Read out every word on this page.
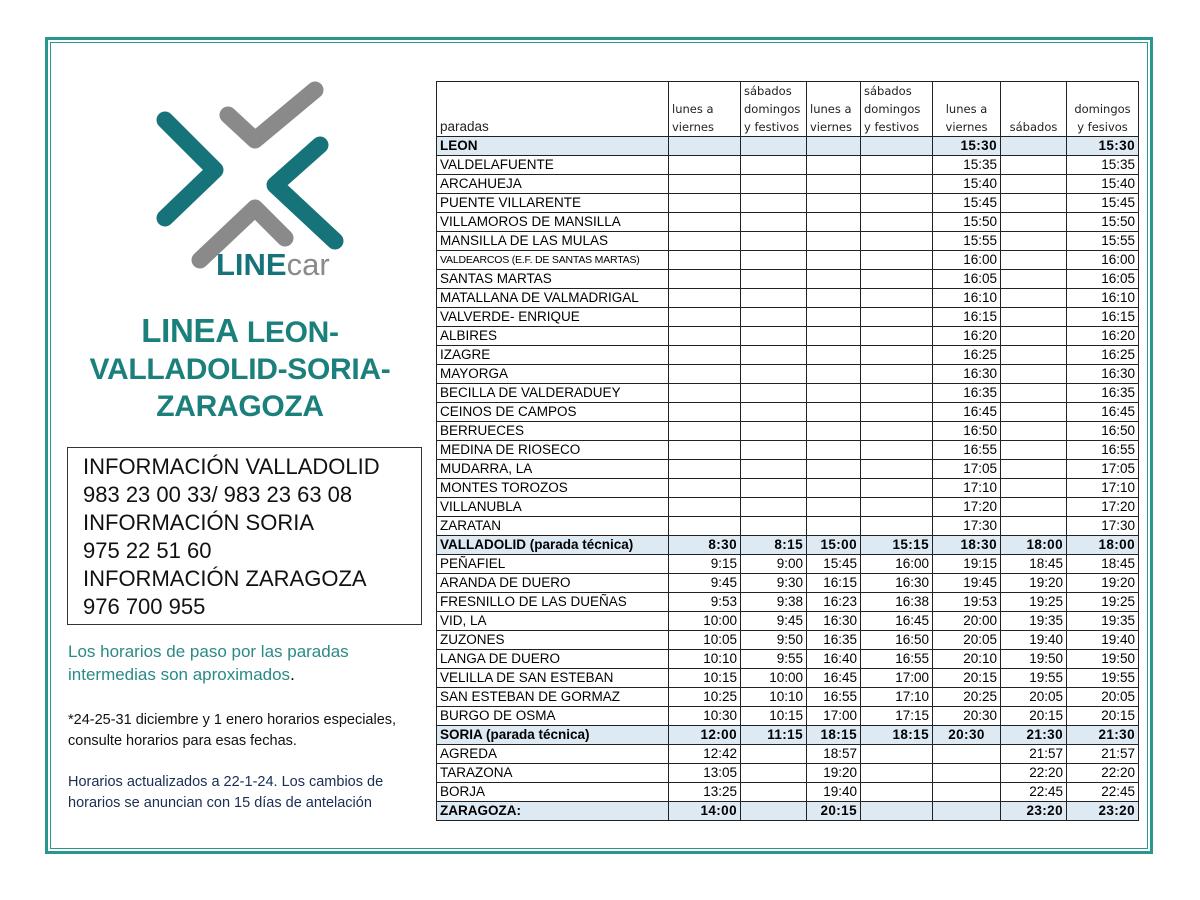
LINEcar
LINEA LEON-
VALLADOLID-SORIA-
ZARAGOZA
INFORMACIÓN VALLADOLID
983 23 00 33/ 983 23 63 08
INFORMACIÓN SORIA
975 22 51 60
INFORMACIÓN ZARAGOZA
976 700 955
Los horarios de paso por las paradas intermedias son aproximados.
*24-25-31 diciembre y 1 enero horarios especiales, consulte horarios para esas fechas.
Horarios actualizados a 22-1-24. Los cambios de horarios se anuncian con 15 días de antelación
paradas	lunes a viernes	sábados domingos y festivos	lunes a viernes	sábados domingos y festivos	lunes a viernes	sábados	domingos y fesivos
LEON					15:30		15:30
VALDELAFUENTE					15:35		15:35
ARCAHUEJA					15:40		15:40
PUENTE VILLARENTE					15:45		15:45
VILLAMOROS DE MANSILLA					15:50		15:50
MANSILLA DE LAS MULAS					15:55		15:55
VALDEARCOS (E.F. DE SANTAS MARTAS)					16:00		16:00
SANTAS MARTAS					16:05		16:05
MATALLANA DE VALMADRIGAL					16:10		16:10
VALVERDE- ENRIQUE					16:15		16:15
ALBIRES					16:20		16:20
IZAGRE					16:25		16:25
MAYORGA					16:30		16:30
BECILLA DE VALDERADUEY					16:35		16:35
CEINOS DE CAMPOS					16:45		16:45
BERRUECES					16:50		16:50
MEDINA DE RIOSECO					16:55		16:55
MUDARRA, LA					17:05		17:05
MONTES TOROZOS					17:10		17:10
VILLANUBLA					17:20		17:20
ZARATAN					17:30		17:30
VALLADOLID (parada técnica)	8:30	8:15	15:00	15:15	18:30	18:00	18:00
PEÑAFIEL	9:15	9:00	15:45	16:00	19:15	18:45	18:45
ARANDA DE DUERO	9:45	9:30	16:15	16:30	19:45	19:20	19:20
FRESNILLO DE LAS DUEÑAS	9:53	9:38	16:23	16:38	19:53	19:25	19:25
VID, LA	10:00	9:45	16:30	16:45	20:00	19:35	19:35
ZUZONES	10:05	9:50	16:35	16:50	20:05	19:40	19:40
LANGA DE DUERO	10:10	9:55	16:40	16:55	20:10	19:50	19:50
VELILLA DE SAN ESTEBAN	10:15	10:00	16:45	17:00	20:15	19:55	19:55
SAN ESTEBAN DE GORMAZ	10:25	10:10	16:55	17:10	20:25	20:05	20:05
BURGO DE OSMA	10:30	10:15	17:00	17:15	20:30	20:15	20:15
SORIA (parada técnica)	12:00	11:15	18:15	18:15	20:30	21:30	21:30
AGREDA	12:42		18:57			21:57	21:57
TARAZONA	13:05		19:20			22:20	22:20
BORJA	13:25		19:40			22:45	22:45
ZARAGOZA:	14:00		20:15			23:20	23:20
